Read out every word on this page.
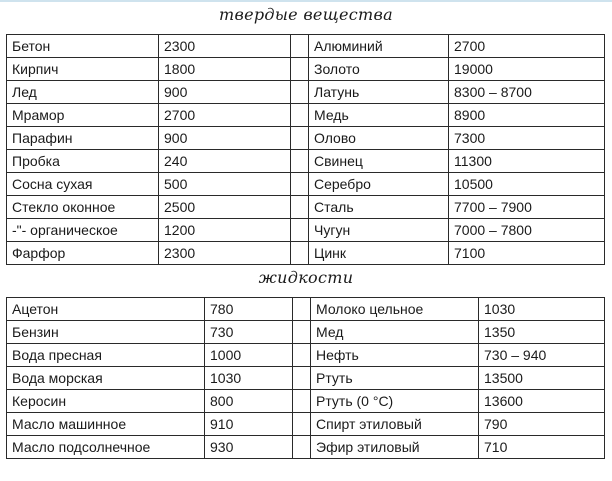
твердые вещества
Бетон	2300		Алюминий	2700
Кирпич	1800		Золото	19000
Лед	900		Латунь	8300 – 8700
Мрамор	2700		Медь	8900
Парафин	900		Олово	7300
Пробка	240		Свинец	11300
Сосна сухая	500		Серебро	10500
Стекло оконное	2500		Сталь	7700 – 7900
-"- органическое	1200		Чугун	7000 – 7800
Фарфор	2300		Цинк	7100
жидкости
Ацетон	780		Молоко цельное	1030
Бензин	730		Мед	1350
Вода пресная	1000		Нефть	730 – 940
Вода морская	1030		Ртуть	13500
Керосин	800		Ртуть (0 °C)	13600
Масло машинное	910		Спирт этиловый	790
Масло подсолнечное	930		Эфир этиловый	710
